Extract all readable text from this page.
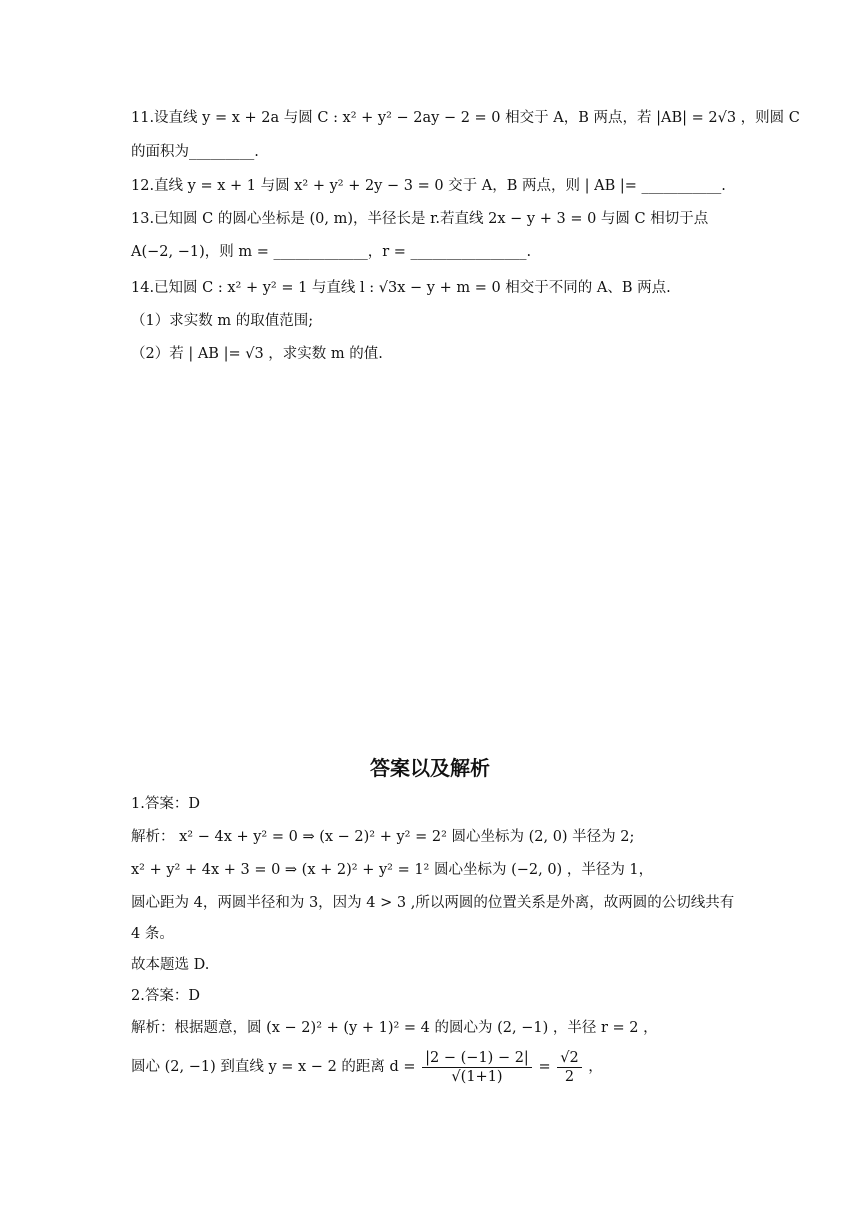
11.设直线 y = x + 2a 与圆 C : x² + y² − 2ay − 2 = 0 相交于 A，B 两点，若 |AB| = 2√3 ，则圆 C
的面积为_________.
12.直线 y = x + 1 与圆 x² + y² + 2y − 3 = 0 交于 A，B 两点，则 | AB |= ___________.
13.已知圆 C 的圆心坐标是 (0, m)，半径长是 r.若直线 2x − y + 3 = 0 与圆 C 相切于点
A(−2, −1)，则 m = _____________，r = ________________.
14.已知圆 C : x² + y² = 1 与直线 l : √3x − y + m = 0 相交于不同的 A、B 两点.
（1）求实数 m 的取值范围;
（2）若 | AB |= √3 ，求实数 m 的值.
答案以及解析
1.答案：D
解析： x² − 4x + y² = 0 ⇒ (x − 2)² + y² = 2² 圆心坐标为 (2, 0) 半径为 2;
x² + y² + 4x + 3 = 0 ⇒ (x + 2)² + y² = 1² 圆心坐标为 (−2, 0) ，半径为 1，
圆心距为 4，两圆半径和为 3，因为 4 > 3 ,所以两圆的位置关系是外离，故两圆的公切线共有
4 条。
故本题选 D.
2.答案：D
解析：根据题意，圆 (x − 2)² + (y + 1)² = 4 的圆心为 (2, −1) ，半径 r = 2 ，
圆心 (2, −1) 到直线 y = x − 2 的距离 $d = \frac{|2 - (-1) - 2|}{√(1+1)} = \frac{√2}{2}$ ，
